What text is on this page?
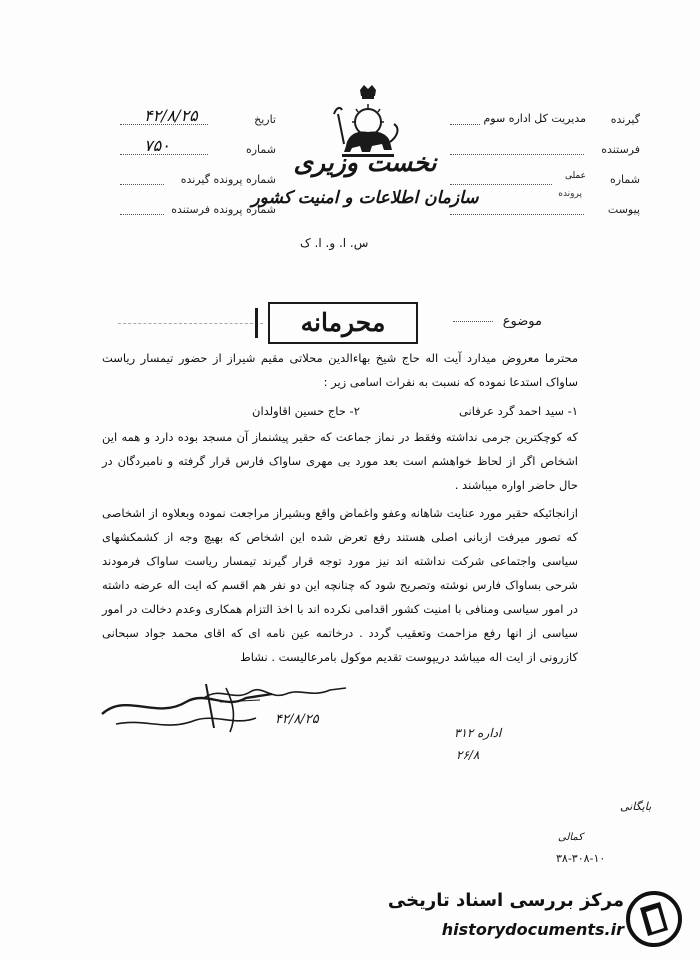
گیرنده
مدیریت کل اداره سوم
فرستنده
شماره
عملی
پرونده
پیوست
تاریخ
۴۲/۸/۲۵
شماره
۷۵۰
شماره پرونده گیرنده
شماره پرونده فرستنده
نخست وزیری
سازمان اطلاعات و امنیت کشور
س. ا. و. ا. ک
محرمانه	موضوع

محترما معروض میدارد آیت اله حاج شیخ بهاءالدین محلاتی مقیم شیراز از حضور تیمسار ریاست ساواک استدعا نموده که نسبت به نفرات اسامی زیر :

۱- سید احمد گرد عرفانی
۲- حاج حسین اقاولدان

که کوچکترین جرمی نداشته وفقط در نماز جماعت که حقیر پیشنماز آن مسجد بوده دارد و همه این اشخاص اگر از لحاظ خواهشم است بعد مورد بی مهری ساواک فارس قرار گرفته و نامبردگان در حال حاضر اواره میباشند .

ازانجائیکه حقیر مورد عنایت شاهانه وعفو واغماض واقع وبشیراز مراجعت نموده وبعلاوه از اشخاصی که تصور میرفت ازبانی اصلی هستند رفع تعرض شده این اشخاص که بهیچ وجه از کشمکشهای سیاسی واجتماعی شرکت نداشته اند نیز مورد توجه قرار گیرند تیمسار ریاست ساواک فرمودند شرحی بساواک فارس نوشته وتصریح شود که چنانچه این دو نفر هم اقسم که ایت اله عرضه داشته در امور سیاسی ومنافی با امنیت کشور اقدامی نکرده اند با اخذ التزام همکاری وعدم دخالت در امور سیاسی از انها رفع مزاحمت وتعقیب گردد . درخاتمه عین نامه ای که اقای محمد جواد سبحانی کازرونی از ایت اله میباشد دریپوست تقدیم موکول بامرعالیست . نشاط

۴۲/۸/۲۵
اداره ۳۱۲
۲۶/۸
بایگانی
کمالی
۳۸-۳۰۸-۱۰
مرکز بررسی اسناد تاریخی
historydocuments.ir
